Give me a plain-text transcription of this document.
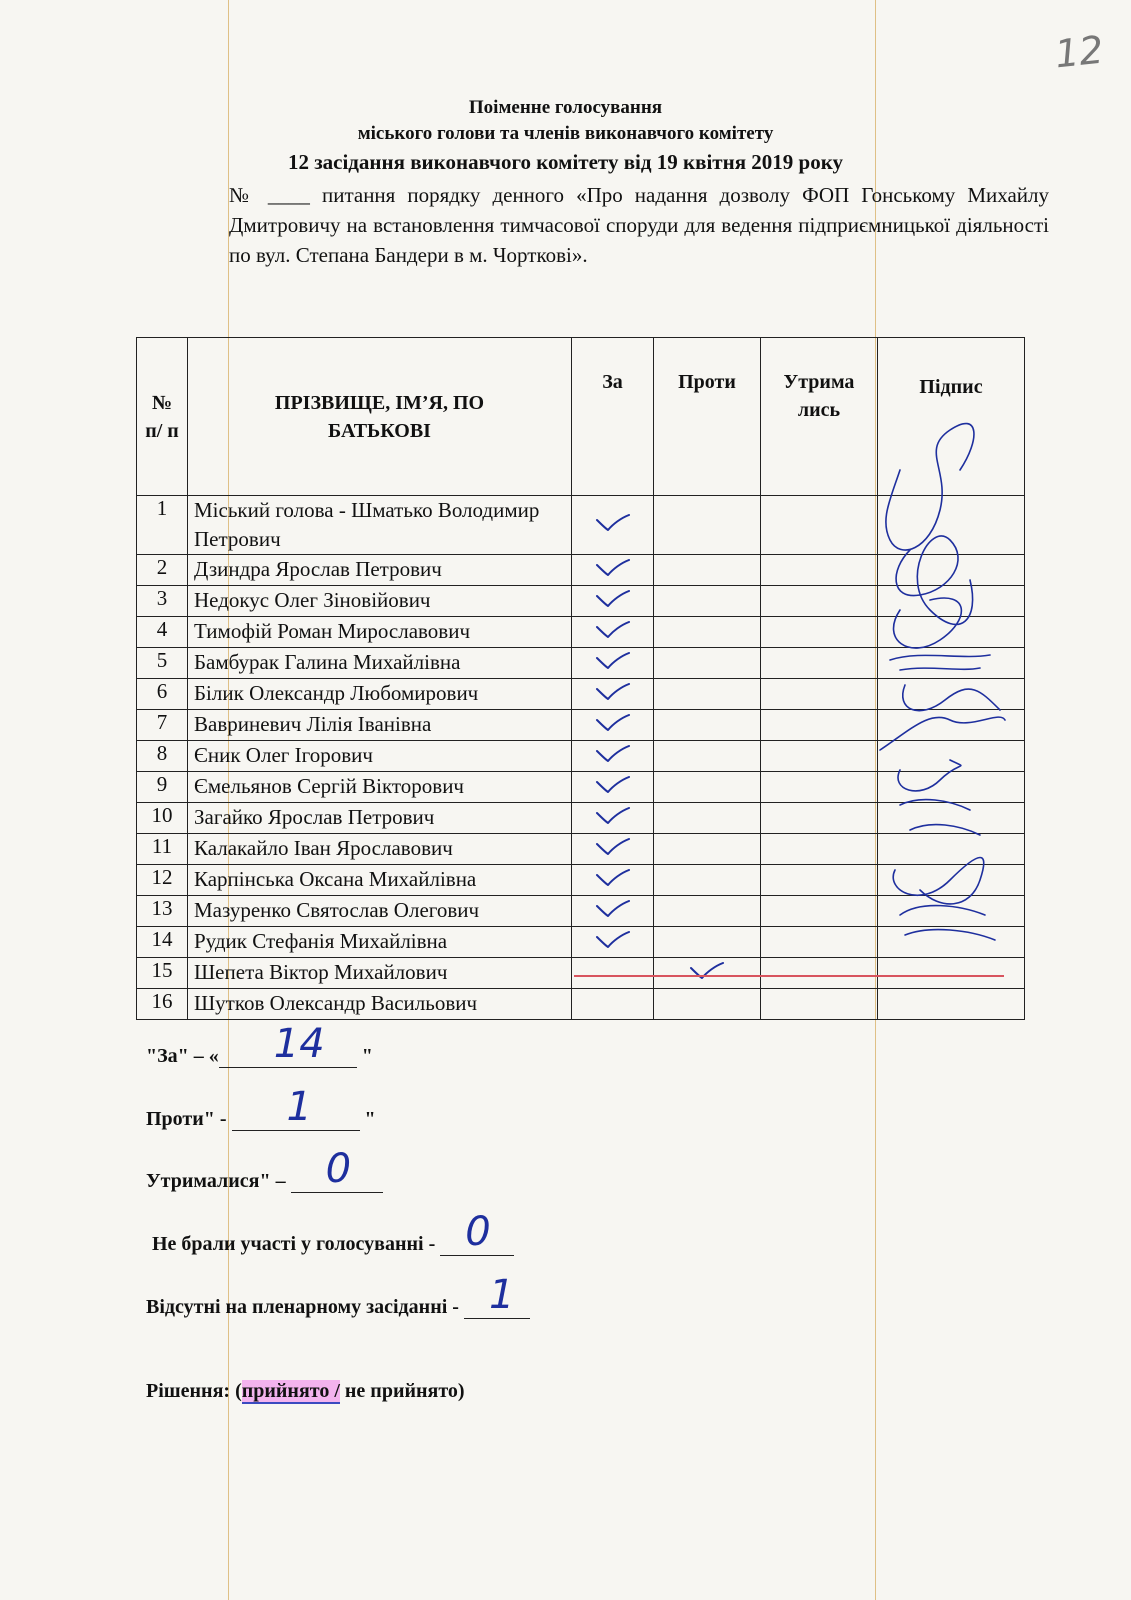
12
Поіменне голосування
міського голови та членів виконавчого комітету
12 засідання виконавчого комітету від 19 квітня 2019 року
№ ____ питання порядку денного «Про надання дозволу ФОП Гонському Михайлу Дмитровичу на встановлення тимчасової споруди для ведення підприємницької діяльності по вул. Степана Бандери в м. Чорткові».
№ п/ п	ПРІЗВИЩЕ, ІМ’Я, ПО БАТЬКОВІ	За	Проти	Утрима лись	Підпис
1	Міський голова - Шматько Володимир Петрович				
2	Дзиндра Ярослав Петрович				
3	Недокус Олег Зіновійович				
4	Тимофій Роман Мирославович				
5	Бамбурак Галина Михайлівна				
6	Білик Олександр Любомирович				
7	Вавриневич Лілія Іванівна				
8	Єник Олег Ігорович				
9	Ємельянов Сергій Вікторович				
10	Загайко Ярослав Петрович				
11	Калакайло Іван Ярославович				
12	Карпінська Оксана Михайлівна				
13	Мазуренко Святослав Олегович				
14	Рудик Стефанія Михайлівна				
15	Шепета Віктор Михайлович				
16	Шутков Олександр Васильович				
"За" – « 14 "
Проти" - 1	"
Утрималися" – 0
Не брали участі у голосуванні - 0
Відсутні на пленарному засіданні - 1
Рішення: (прийнято / не прийнято)
